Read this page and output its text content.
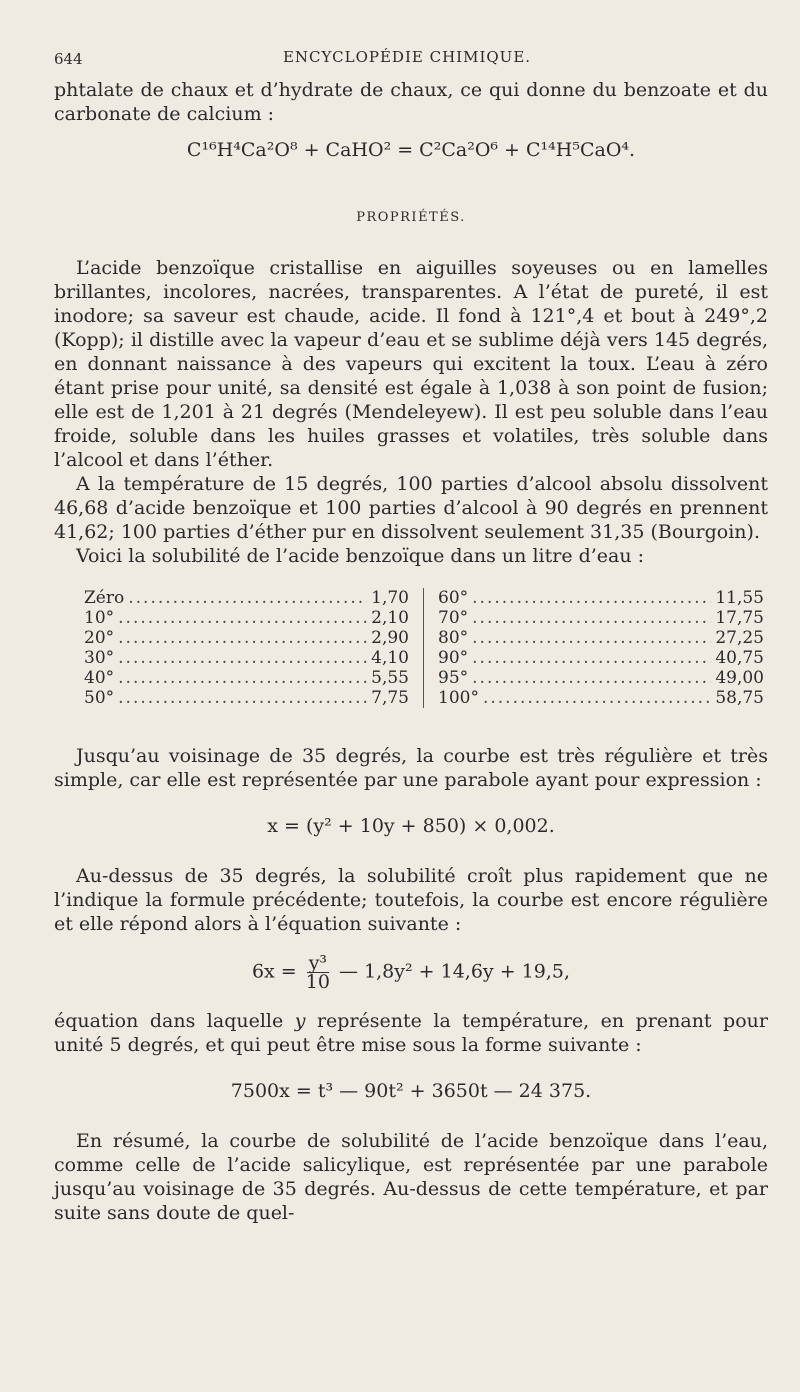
644	ENCYCLOPÉDIE CHIMIQUE.

phtalate de chaux et d’hydrate de chaux, ce qui donne du benzoate et du carbonate de calcium :

C¹⁶H⁴Ca²O⁸ + CaHO² = C²Ca²O⁶ + C¹⁴H⁵CaO⁴.

PROPRIÉTÉS.

L’acide benzoïque cristallise en aiguilles soyeuses ou en lamelles brillantes, incolores, nacrées, transparentes. A l’état de pureté, il est inodore; sa saveur est chaude, acide. Il fond à 121°,4 et bout à 249°,2 (Kopp); il distille avec la vapeur d’eau et se sublime déjà vers 145 degrés, en donnant naissance à des vapeurs qui excitent la toux. L’eau à zéro étant prise pour unité, sa densité est égale à 1,038 à son point de fusion; elle est de 1,201 à 21 degrés (Mendeleyew). Il est peu soluble dans l’eau froide, soluble dans les huiles grasses et volatiles, très soluble dans l’alcool et dans l’éther.

A la température de 15 degrés, 100 parties d’alcool absolu dissolvent 46,68 d’acide benzoïque et 100 parties d’alcool à 90 degrés en prennent 41,62; 100 parties d’éther pur en dissolvent seulement 31,35 (Bourgoin).

Voici la solubilité de l’acide benzoïque dans un litre d’eau :

Zéro .....	1,70
10° .....	2,10
20° .....	2,90
30° .....	4,10
40° .....	5,55
50° .....	7,75
60° .....	11,55
70° .....	17,75
80° .....	27,25
90° .....	40,75
95° .....	49,00
100° .....	58,75

Jusqu’au voisinage de 35 degrés, la courbe est très régulière et très simple, car elle est représentée par une parabole ayant pour expression :

x = (y² + 10y + 850) × 0,002.

Au-dessus de 35 degrés, la solubilité croît plus rapidement que ne l’indique la formule précédente; toutefois, la courbe est encore régulière et elle répond alors à l’équation suivante :

$6x = \frac{\text{y³}}{10}$ — 1,8y² + 14,6y + 19,5,

équation dans laquelle y représente la température, en prenant pour unité 5 degrés, et qui peut être mise sous la forme suivante :

7500x = t³ — 90t² + 3650t — 24 375.

En résumé, la courbe de solubilité de l’acide benzoïque dans l’eau, comme celle de l’acide salicylique, est représentée par une parabole jusqu’au voisinage de 35 degrés. Au-dessus de cette température, et par suite sans doute de quel-
